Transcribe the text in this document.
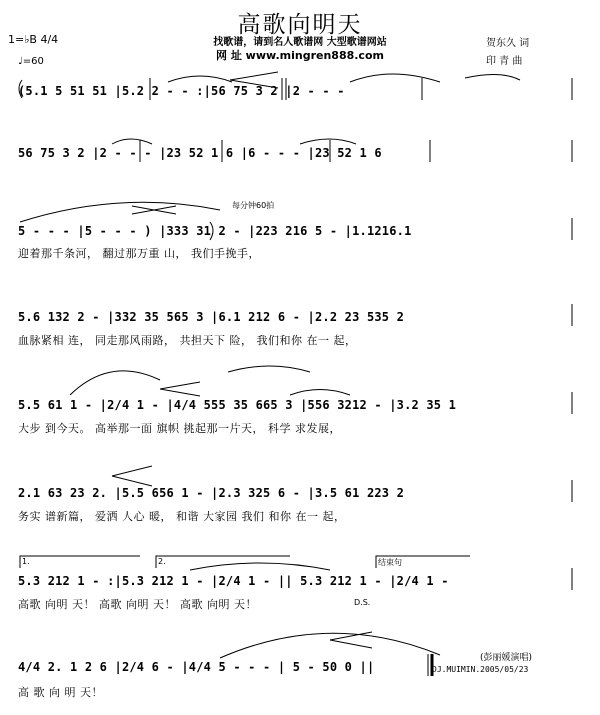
高歌向明天
找歌谱，请到名人歌谱网 大型歌谱网站
网 址 www.mingren888.com
1=♭B 4/4
♩=60
贺东久 词
印 青 曲
(5.1 5 51 51 |5.2 2 - - :|56 75 3 2 |2 - - -
56 75 3 2 |2 - - - |23 52 1 6 |6 - - - |23 52 1 6
每分钟60拍
5 - - - |5 - - - ) |333 31 2 - |223 216 5 - |1.1216.1
迎着那千条河， 翻过那万重 山， 我们手挽手，
5.6 132 2 - |332 35 565 3 |6.1 212 6 - |2.2 23 535 2
血脉紧相 连， 同走那风雨路， 共担天下 险， 我们和你 在一 起，
5.5 61 1 - |2/4 1 - |4/4 555 35 665 3 |556 3212 - |3.2 35 1
大步 到今天。 高举那一面 旗帜 挑起那一片天， 科学 求发展，
2.1 63 23 2. |5.5 656 1 - |2.3 325 6 - |3.5 61 223 2
务实 谱新篇， 爱洒 人心 暖， 和谐 大家园 我们 和你 在一 起，
1.	2.	结束句
5.3 212 1 - :|5.3 212 1 - |2/4 1 - || 5.3 212 1 - |2/4 1 -
D.S.
高歌 向明 天！ 高歌 向明 天！ 高歌 向明 天！
4/4 2. 1 2 6 |2/4 6 - |4/4 5 - - - | 5 - 50 0 ||
高 歌 向 明 天！
(彭丽媛演唱)
DJ.MUIMIN.2005/05/23
